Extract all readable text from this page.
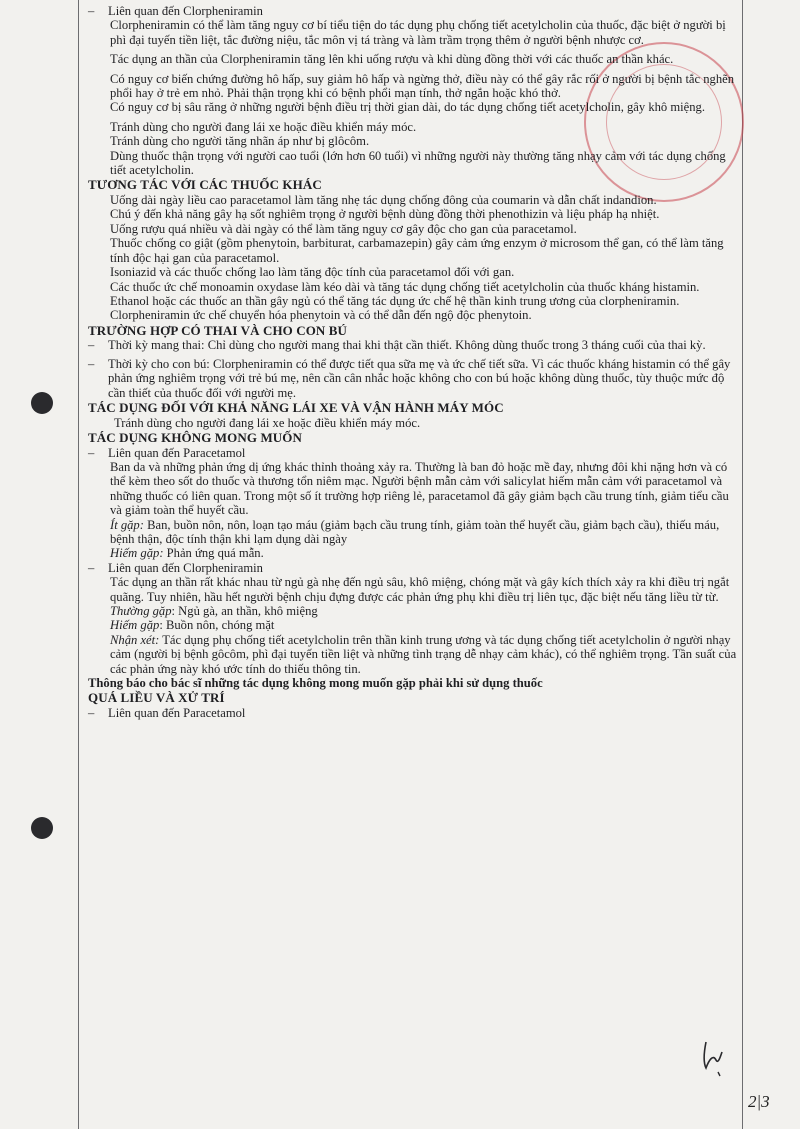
– Liên quan đến Clorpheniramin

Clorpheniramin có thể làm tăng nguy cơ bí tiểu tiện do tác dụng phụ chống tiết acetylcholin của thuốc, đặc biệt ở người bị phì đại tuyến tiền liệt, tắc đường niệu, tắc môn vị tá tràng và làm trầm trọng thêm ở người bệnh nhược cơ.

Tác dụng an thần của Clorpheniramin tăng lên khi uống rượu và khi dùng đồng thời với các thuốc an thần khác.

Có nguy cơ biến chứng đường hô hấp, suy giảm hô hấp và ngừng thở, điều này có thể gây rắc rối ở người bị bệnh tắc nghẽn phổi hay ở trẻ em nhỏ. Phải thận trọng khi có bệnh phổi mạn tính, thở ngắn hoặc khó thở.

Có nguy cơ bị sâu răng ở những người bệnh điều trị thời gian dài, do tác dụng chống tiết acetylcholin, gây khô miệng.

Tránh dùng cho người đang lái xe hoặc điều khiển máy móc.

Tránh dùng cho người tăng nhãn áp như bị glôcôm.

Dùng thuốc thận trọng với người cao tuổi (lớn hơn 60 tuổi) vì những người này thường tăng nhạy cảm với tác dụng chống tiết acetylcholin.

TƯƠNG TÁC VỚI CÁC THUỐC KHÁC

Uống dài ngày liều cao paracetamol làm tăng nhẹ tác dụng chống đông của coumarin và dẫn chất indandion.

Chú ý đến khả năng gây hạ sốt nghiêm trọng ở người bệnh dùng đồng thời phenothizin và liệu pháp hạ nhiệt.

Uống rượu quá nhiều và dài ngày có thể làm tăng nguy cơ gây độc cho gan của paracetamol.

Thuốc chống co giật (gồm phenytoin, barbiturat, carbamazepin) gây cảm ứng enzym ở microsom thể gan, có thể làm tăng tính độc hại gan của paracetamol.

Isoniazid và các thuốc chống lao làm tăng độc tính của paracetamol đối với gan.

Các thuốc ức chế monoamin oxydase làm kéo dài và tăng tác dụng chống tiết acetylcholin của thuốc kháng histamin.

Ethanol hoặc các thuốc an thần gây ngủ có thể tăng tác dụng ức chế hệ thần kinh trung ương của clorpheniramin.

Clorpheniramin ức chế chuyển hóa phenytoin và có thể dẫn đến ngộ độc phenytoin.

TRƯỜNG HỢP CÓ THAI VÀ CHO CON BÚ

– Thời kỳ mang thai: Chỉ dùng cho người mang thai khi thật cần thiết. Không dùng thuốc trong 3 tháng cuối của thai kỳ.

– Thời kỳ cho con bú: Clorpheniramin có thể được tiết qua sữa mẹ và ức chế tiết sữa. Vì các thuốc kháng histamin có thể gây phản ứng nghiêm trọng với trẻ bú mẹ, nên cần cân nhắc hoặc không cho con bú hoặc không dùng thuốc, tùy thuộc mức độ cần thiết của thuốc đối với người mẹ.

TÁC DỤNG ĐỐI VỚI KHẢ NĂNG LÁI XE VÀ VẬN HÀNH MÁY MÓC

Tránh dùng cho người đang lái xe hoặc điều khiển máy móc.

TÁC DỤNG KHÔNG MONG MUỐN

– Liên quan đến Paracetamol

Ban da và những phản ứng dị ứng khác thỉnh thoảng xảy ra. Thường là ban đỏ hoặc mề đay, nhưng đôi khi nặng hơn và có thể kèm theo sốt do thuốc và thương tổn niêm mạc. Người bệnh mẫn cảm với salicylat hiếm mẫn cảm với paracetamol và những thuốc có liên quan. Trong một số ít trường hợp riêng lẻ, paracetamol đã gây giảm bạch cầu trung tính, giảm tiểu cầu và giảm toàn thể huyết cầu.

Ít gặp: Ban, buồn nôn, nôn, loạn tạo máu (giảm bạch cầu trung tính, giảm toàn thể huyết cầu, giảm bạch cầu), thiếu máu, bệnh thận, độc tính thận khi lạm dụng dài ngày

Hiếm gặp: Phản ứng quá mẫn.

– Liên quan đến Clorpheniramin

Tác dụng an thần rất khác nhau từ ngủ gà nhẹ đến ngủ sâu, khô miệng, chóng mặt và gây kích thích xảy ra khi điều trị ngắt quãng. Tuy nhiên, hầu hết người bệnh chịu đựng được các phản ứng phụ khi điều trị liên tục, đặc biệt nếu tăng liều từ từ.

Thường gặp: Ngủ gà, an thần, khô miệng

Hiếm gặp: Buồn nôn, chóng mặt

Nhận xét: Tác dụng phụ chống tiết acetylcholin trên thần kinh trung ương và tác dụng chống tiết acetylcholin ở người nhạy cảm (người bị bệnh gôcôm, phì đại tuyến tiền liệt và những tình trạng dễ nhạy cảm khác), có thể nghiêm trọng. Tần suất của các phản ứng này khó ước tính do thiếu thông tin.

Thông báo cho bác sĩ những tác dụng không mong muốn gặp phải khi sử dụng thuốc

QUÁ LIỀU VÀ XỬ TRÍ

– Liên quan đến Paracetamol

2|3
